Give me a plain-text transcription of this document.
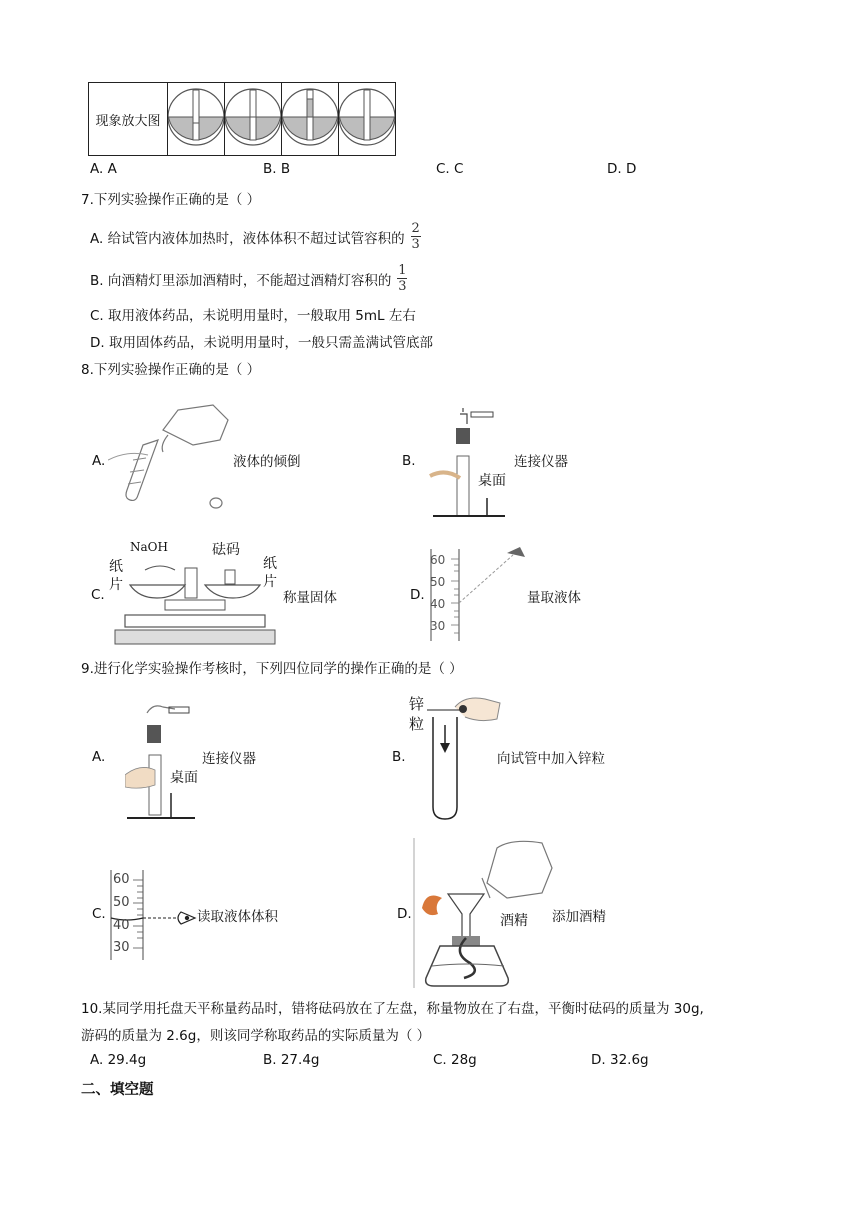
现象放大图				
A. A	B. B	C. C	D. D
7.下列实验操作正确的是（ ）
A. 给试管内液体加热时，液体体积不超过试管容积的 $\frac{2}{3}$
B. 向酒精灯里添加酒精时，不能超过酒精灯容积的 $\frac{1}{3}$
C. 取用液体药品，未说明用量时，一般取用 5mL 左右
D. 取用固体药品，未说明用量时，一般只需盖满试管底部
8.下列实验操作正确的是（ ）
A.	液体的倾倒	B.
桌面
连接仪器
C.
NaOH	砝码
纸
片
纸
片
称量固体	D.
60
50
40
30
量取液体
9.进行化学实验操作考核时，下列四位同学的操作正确的是（ ）
A.
桌面
连接仪器	B.
锌
粒
向试管中加入锌粒
C.
60
50
40
30
读取液体体积	D.	酒精 添加酒精
10.某同学用托盘天平称量药品时，错将砝码放在了左盘，称量物放在了右盘，平衡时砝码的质量为 30g,
游码的质量为 2.6g，则该同学称取药品的实际质量为（ ）
A. 29.4g	B. 27.4g	C. 28g	D. 32.6g
二、填空题
